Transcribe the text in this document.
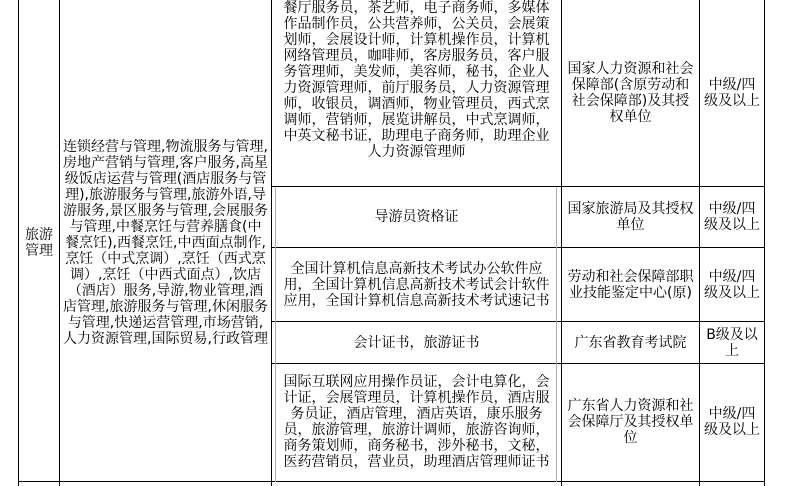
旅游管理
连锁经营与管理,物流服务与管理,房地产营销与管理,客户服务,高星级饭店运营与管理(酒店服务与管理),旅游服务与管理,旅游外语,导游服务,景区服务与管理,会展服务与管理,中餐烹饪与营养膳食(中餐烹饪),西餐烹饪,中西面点制作,烹饪（中式烹调）,烹饪（西式烹调）,烹饪（中西式面点）,饮店（酒店）服务,导游,物业管理,酒店管理,旅游服务与管理,休闲服务与管理,快递运营管理,市场营销,人力资源管理,国际贸易,行政管理
餐厅服务员，茶艺师，电子商务师，多媒体作品制作员，公共营养师，公关员，会展策划师，会展设计师，计算机操作员，计算机网络管理员，咖啡师，客房服务员，客户服务管理师，美发师，美容师，秘书，企业人力资源管理师，前厅服务员，人力资源管理师，收银员，调酒师，物业管理员，西式烹调师，营销师，展览讲解员，中式烹调师，中英文秘书证，助理电子商务师，助理企业人力资源管理师
国家人力资源和社会保障部(含原劳动和社会保障部)及其授权单位
中级/四级及以上
导游员资格证	国家旅游局及其授权单位
中级/四级及以上
全国计算机信息高新技术考试办公软件应用，全国计算机信息高新技术考试会计软件应用，全国计算机信息高新技术考试速记书
劳动和社会保障部职业技能鉴定中心(原)
中级/四级及以上
会计证书，旅游证书	广东省教育考试院 B级及以上
国际互联网应用操作员证，会计电算化，会计证，会展管理员，计算机操作员，酒店服务员证，酒店管理，酒店英语，康乐服务员，旅游管理，旅游计调师，旅游咨询师，商务策划师，商务秘书，涉外秘书，文秘，医药营销员，营业员，助理酒店管理师证书
广东省人力资源和社会保障厅及其授权单位
中级/四级及以上
